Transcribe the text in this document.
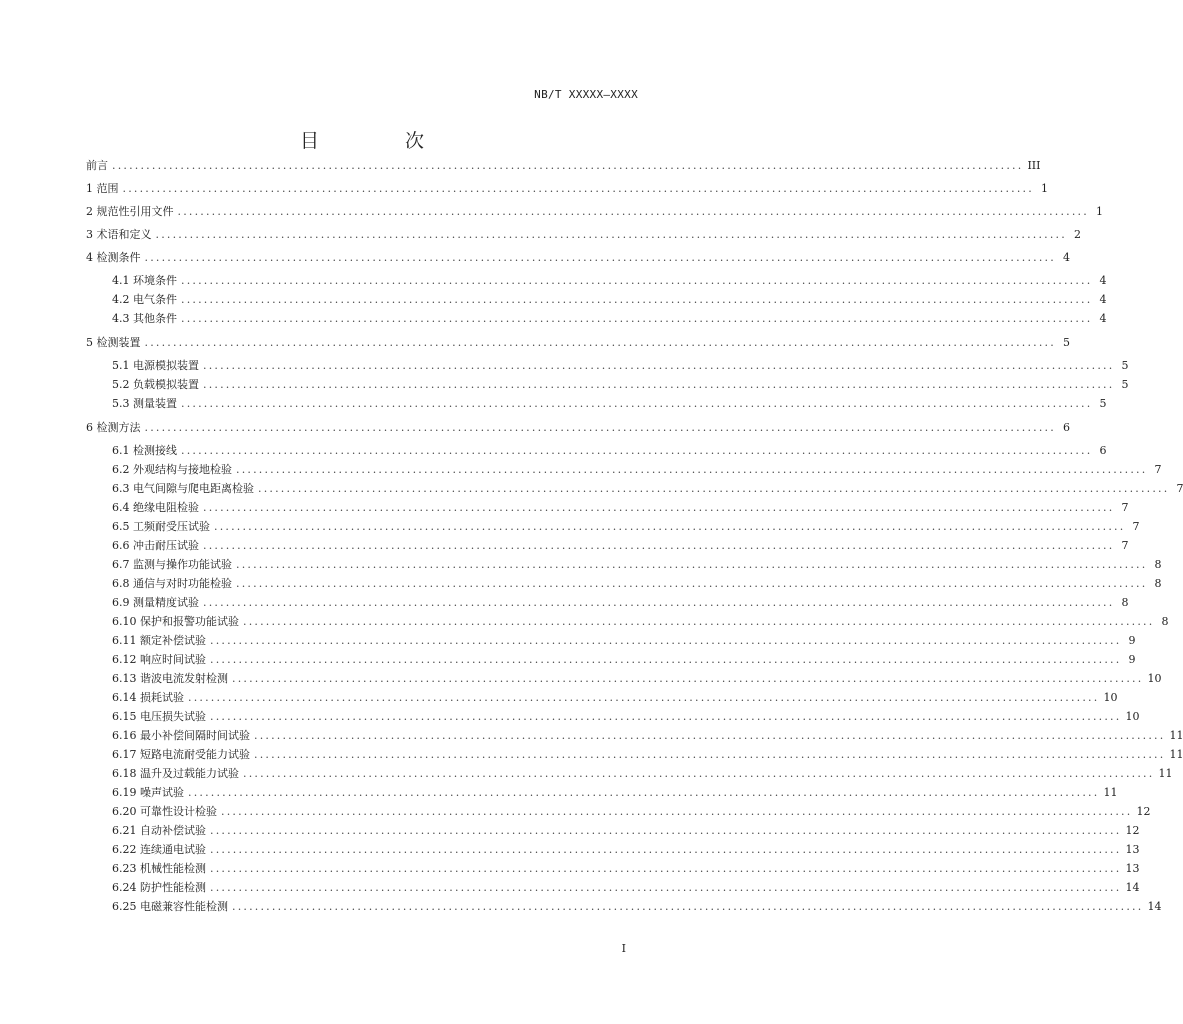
NB/T XXXXX—XXXX
目 次
前言 ................................................................................................................................................................ III
1 范围 ................................................................................................................................................................ 1
2 规范性引用文件 ................................................................................................................................................................ 1
3 术语和定义 ................................................................................................................................................................ 2
4 检测条件 ................................................................................................................................................................ 4
4.1 环境条件 ................................................................................................................................................................ 4
4.2 电气条件 ................................................................................................................................................................ 4
4.3 其他条件 ................................................................................................................................................................ 4
5 检测装置 ................................................................................................................................................................ 5
5.1 电源模拟装置 ................................................................................................................................................................ 5
5.2 负载模拟装置 ................................................................................................................................................................ 5
5.3 测量装置 ................................................................................................................................................................ 5
6 检测方法 ................................................................................................................................................................ 6
6.1 检测接线 ................................................................................................................................................................ 6
6.2 外观结构与接地检验 ................................................................................................................................................................ 7
6.3 电气间隙与爬电距离检验 ................................................................................................................................................................ 7
6.4 绝缘电阻检验 ................................................................................................................................................................ 7
6.5 工频耐受压试验 ................................................................................................................................................................ 7
6.6 冲击耐压试验 ................................................................................................................................................................ 7
6.7 监测与操作功能试验 ................................................................................................................................................................ 8
6.8 通信与对时功能检验 ................................................................................................................................................................ 8
6.9 测量精度试验 ................................................................................................................................................................ 8
6.10 保护和报警功能试验 ................................................................................................................................................................ 8
6.11 额定补偿试验 ................................................................................................................................................................ 9
6.12 响应时间试验 ................................................................................................................................................................ 9
6.13 谐波电流发射检测 ................................................................................................................................................................ 10
6.14 损耗试验 ................................................................................................................................................................ 10
6.15 电压损失试验 ................................................................................................................................................................ 10
6.16 最小补偿间隔时间试验 ................................................................................................................................................................ 11
6.17 短路电流耐受能力试验 ................................................................................................................................................................ 11
6.18 温升及过载能力试验 ................................................................................................................................................................ 11
6.19 噪声试验 ................................................................................................................................................................ 11
6.20 可靠性设计检验 ................................................................................................................................................................ 12
6.21 自动补偿试验 ................................................................................................................................................................ 12
6.22 连续通电试验 ................................................................................................................................................................ 13
6.23 机械性能检测 ................................................................................................................................................................ 13
6.24 防护性能检测 ................................................................................................................................................................ 14
6.25 电磁兼容性能检测 ................................................................................................................................................................ 14
I
